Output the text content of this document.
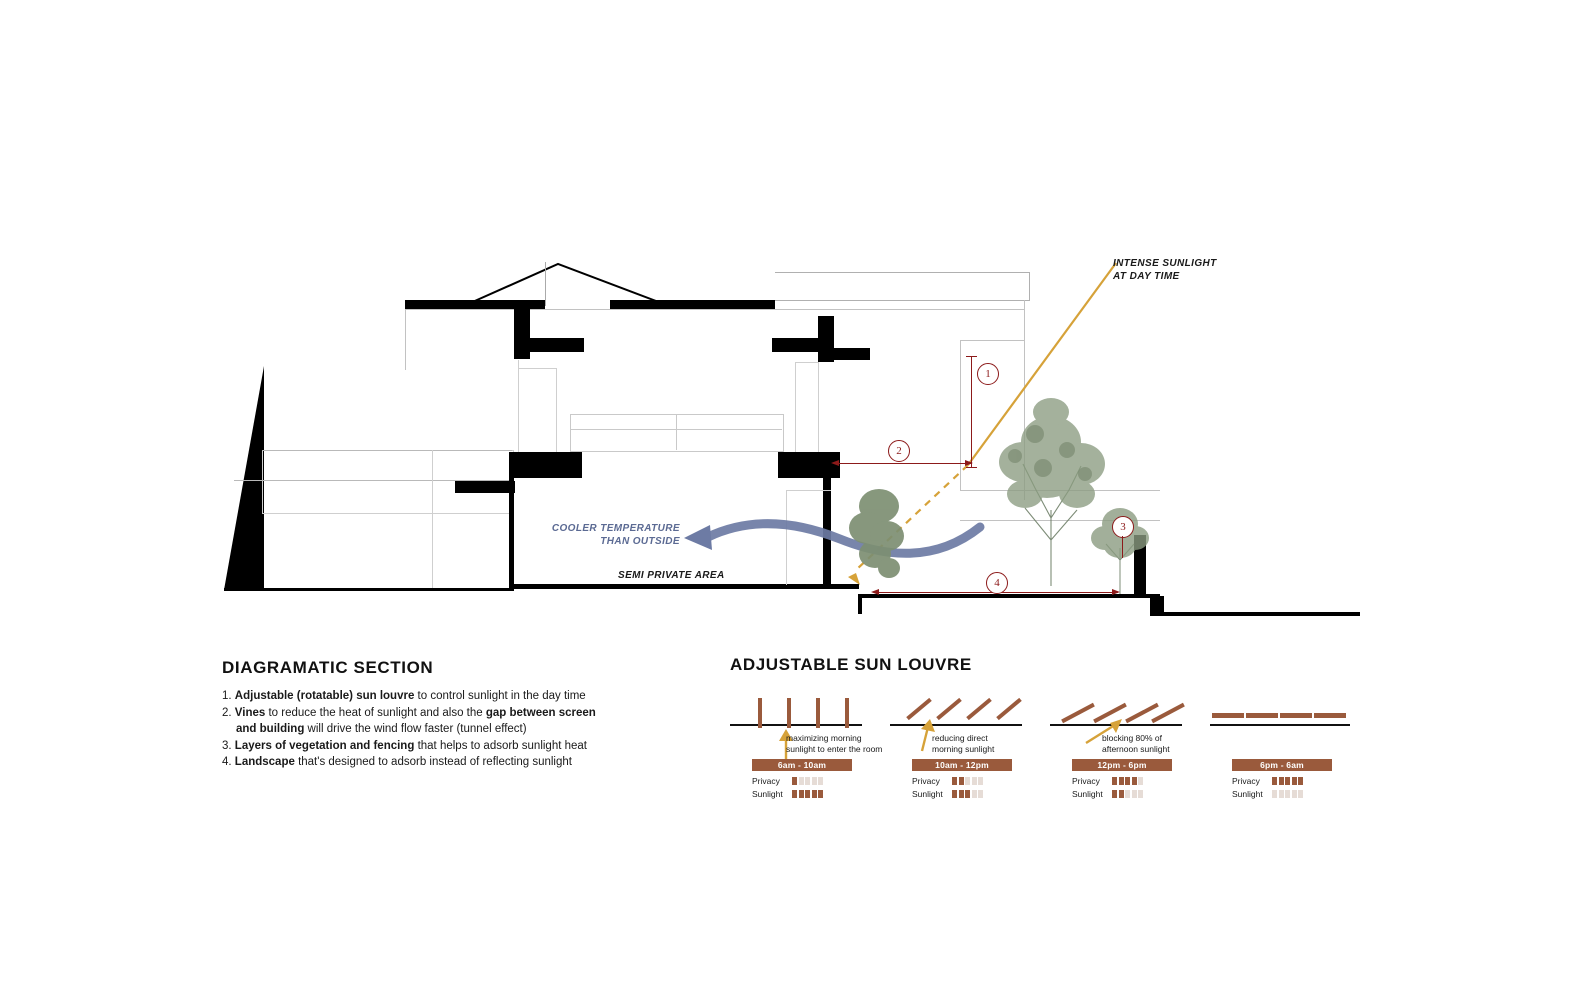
1
2
3
4
INTENSE SUNLIGHT
AT DAY TIME
COOLER TEMPERATURE
THAN OUTSIDE
SEMI PRIVATE AREA
DIAGRAMATIC SECTION
1. Adjustable (rotatable) sun louvre to control sunlight in the day time
2. Vines to reduce the heat of sunlight and also the gap between screen
and building will drive the wind flow faster (tunnel effect)
3. Layers of vegetation and fencing that helps to adsorb sunlight heat
4. Landscape that's designed to adsorb instead of reflecting sunlight
ADJUSTABLE SUN LOUVRE
maximizing morning
sunlight to enter the room
6am - 10am
Privacy
Sunlight
reducing direct
morning sunlight
10am - 12pm
Privacy
Sunlight
blocking 80% of
afternoon sunlight
12pm - 6pm
Privacy
Sunlight
6pm - 6am
Privacy
Sunlight
